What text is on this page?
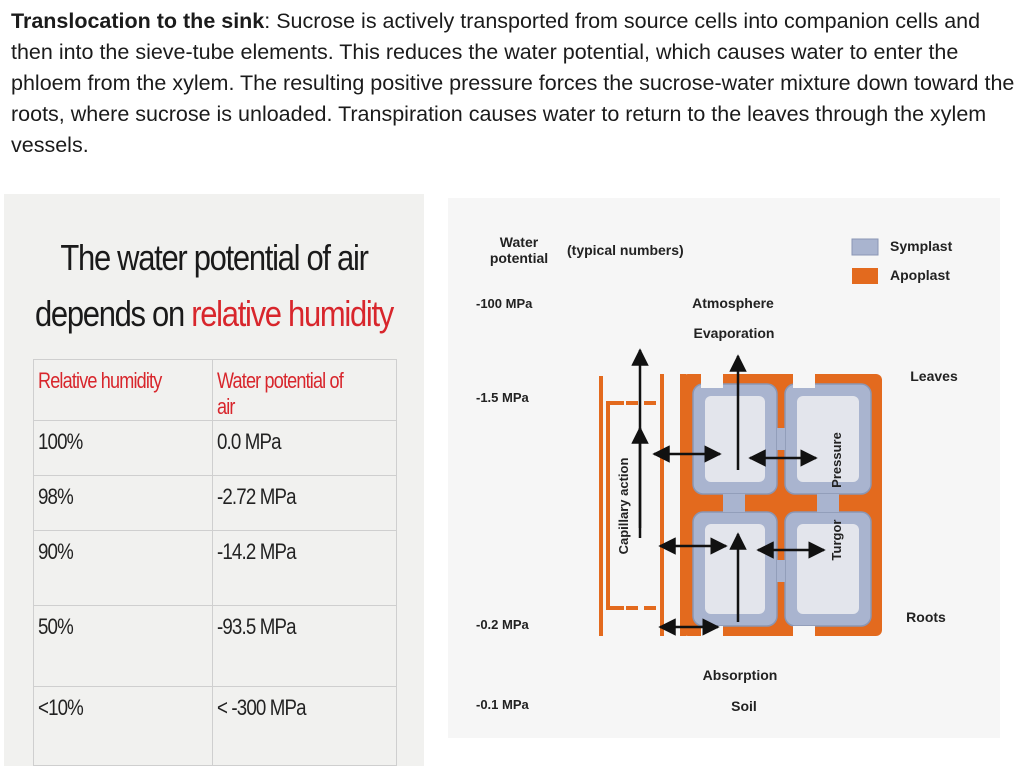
Translocation to the sink: Sucrose is actively transported from source cells into companion cells and then into the sieve-tube elements. This reduces the water potential, which causes water to enter the phloem from the xylem. The resulting positive pressure forces the sucrose-water mixture down toward the roots, where sucrose is unloaded. Transpiration causes water to return to the leaves through the xylem vessels.
The water potential of air
depends on relative humidity
Relative humidity	Water potential of air
100%	0.0 MPa
98%	-2.72 MPa
90%	-14.2 MPa
50%	-93.5 MPa
<10%	< -300 MPa
Water
potential (typical numbers)	Symplast
Apoplast
-100 MPa
-1.5 MPa
-0.2 MPa
-0.1 MPa
Atmosphere
Evaporation
Leaves
Roots
Absorption
Soil
Capillary action	Pressure
Turgor
